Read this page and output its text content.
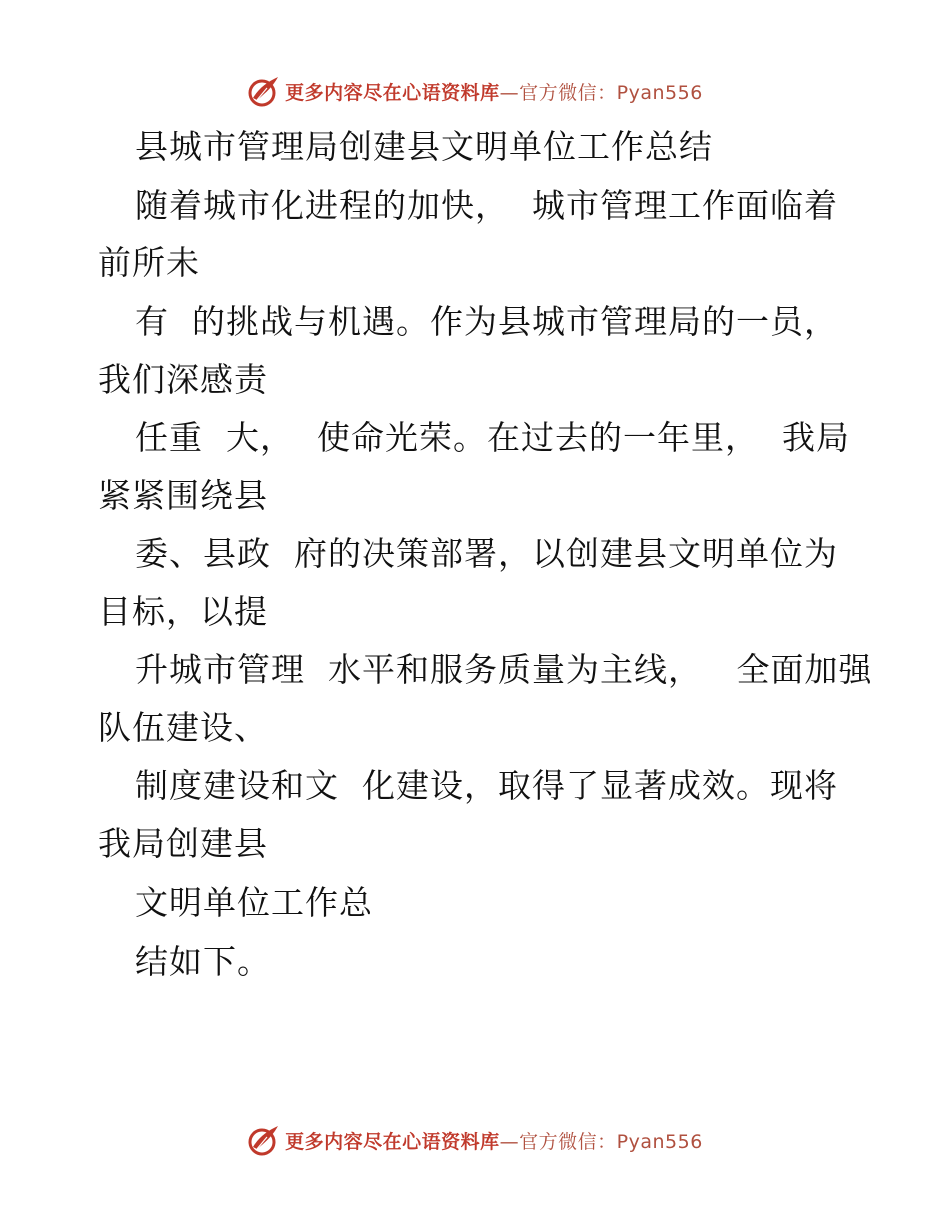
更多内容尽在心语资料库—官方微信：Pyan556
县城市管理局创建县文明单位工作总结
随着城市化进程的加快，  城市管理工作面临着
前所未
有  的挑战与机遇。作为县城市管理局的一员，
我们深感责
任重  大，  使命光荣。在过去的一年里，  我局
紧紧围绕县
委、县政  府的决策部署，以创建县文明单位为
目标，以提
升城市管理  水平和服务质量为主线，   全面加强
队伍建设、
制度建设和文  化建设，取得了显著成效。现将
我局创建县
文明单位工作总
结如下。
更多内容尽在心语资料库—官方微信：Pyan556
